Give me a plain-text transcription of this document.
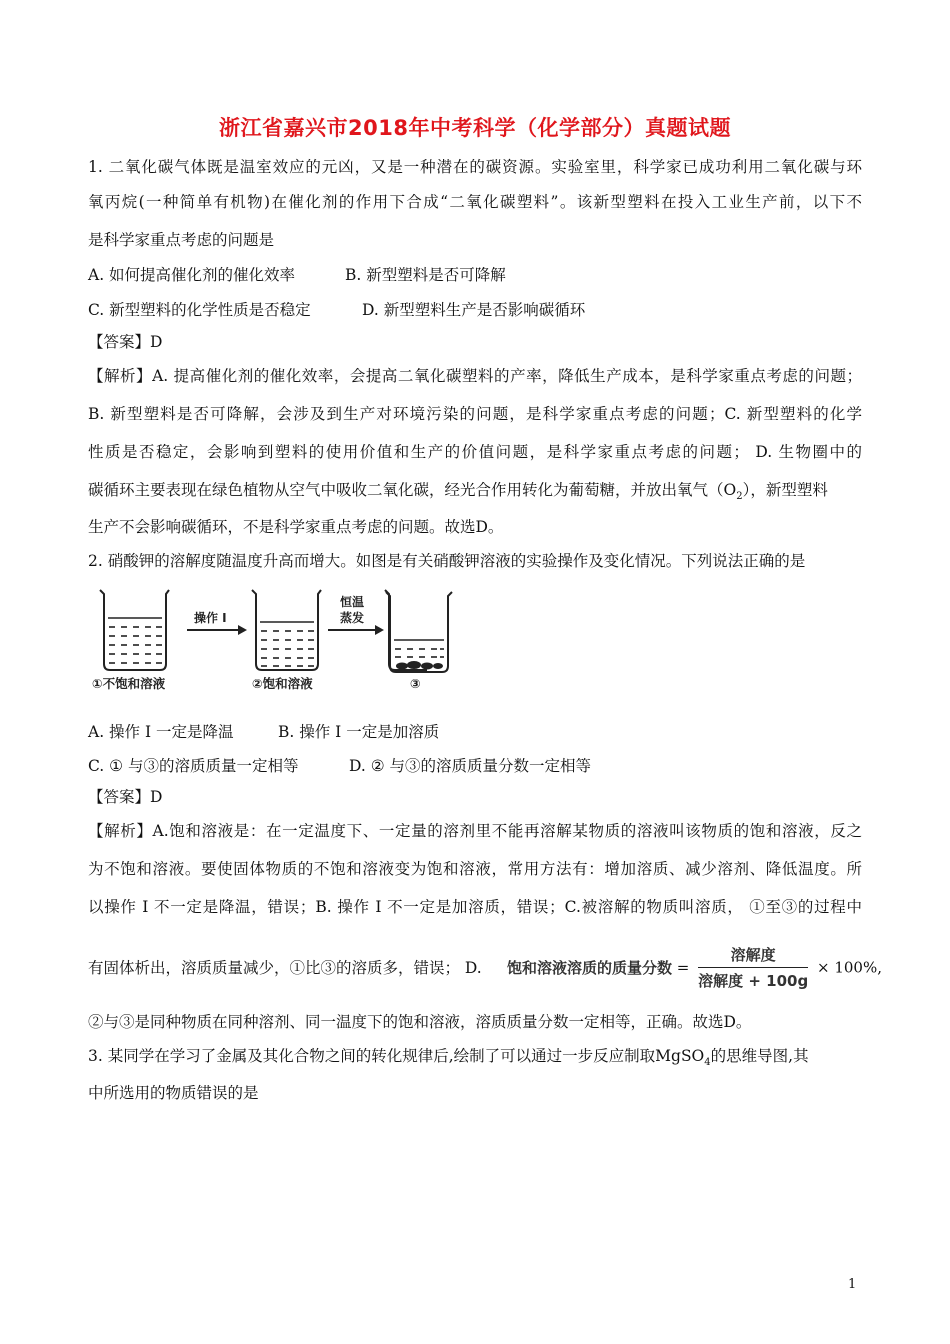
浙江省嘉兴市2018年中考科学（化学部分）真题试题
1. 二氧化碳气体既是温室效应的元凶，又是一种潜在的碳资源。实验室里，科学家已成功利用二氧化碳与环
氧丙烷(一种简单有机物)在催化剂的作用下合成“二氧化碳塑料”。该新型塑料在投入工业生产前，以下不
是科学家重点考虑的问题是
A. 如何提高催化剂的催化效率	B. 新型塑料是否可降解
C. 新型塑料的化学性质是否稳定	D. 新型塑料生产是否影响碳循环
【答案】D
【解析】A. 提高催化剂的催化效率，会提高二氧化碳塑料的产率，降低生产成本，是科学家重点考虑的问题；
B. 新型塑料是否可降解，会涉及到生产对环境污染的问题，是科学家重点考虑的问题；C. 新型塑料的化学
性质是否稳定，会影响到塑料的使用价值和生产的价值问题，是科学家重点考虑的问题； D. 生物圈中的
碳循环主要表现在绿色植物从空气中吸收二氧化碳，经光合作用转化为葡萄糖，并放出氧气$(O_2)$，新型塑料
生产不会影响碳循环，不是科学家重点考虑的问题。故选D。
2. 硝酸钾的溶解度随温度升高而增大。如图是有关硝酸钾溶液的实验操作及变化情况。下列说法正确的是
操作 I
恒温
蒸发
①不饱和溶液	②饱和溶液	③
A. 操作 I 一定是降温	B. 操作 I 一定是加溶质
C. ① 与③的溶质质量一定相等	D. ② 与③的溶质质量分数一定相等
【答案】D
【解析】A.饱和溶液是：在一定温度下、一定量的溶剂里不能再溶解某物质的溶液叫该物质的饱和溶液，反之
为不饱和溶液。要使固体物质的不饱和溶液变为饱和溶液，常用方法有：增加溶质、减少溶剂、降低温度。所
以操作 I 不一定是降温，错误；B. 操作 I 不一定是加溶质，错误；C.被溶解的物质叫溶质， ①至③的过程中
有固体析出，溶质质量减少，①比③的溶质多，错误； D. 饱和溶液溶质的质量分数 = $\frac{\text{溶解度}}{\text{溶解度 + 100g}} \times 100\%$,
②与③是同种物质在同种溶剂、同一温度下的饱和溶液，溶质质量分数一定相等，正确。故选D。
3. 某同学在学习了金属及其化合物之间的转化规律后,绘制了可以通过一步反应制取MgSO$_4$的思维导图,其
中所选用的物质错误的是
1
